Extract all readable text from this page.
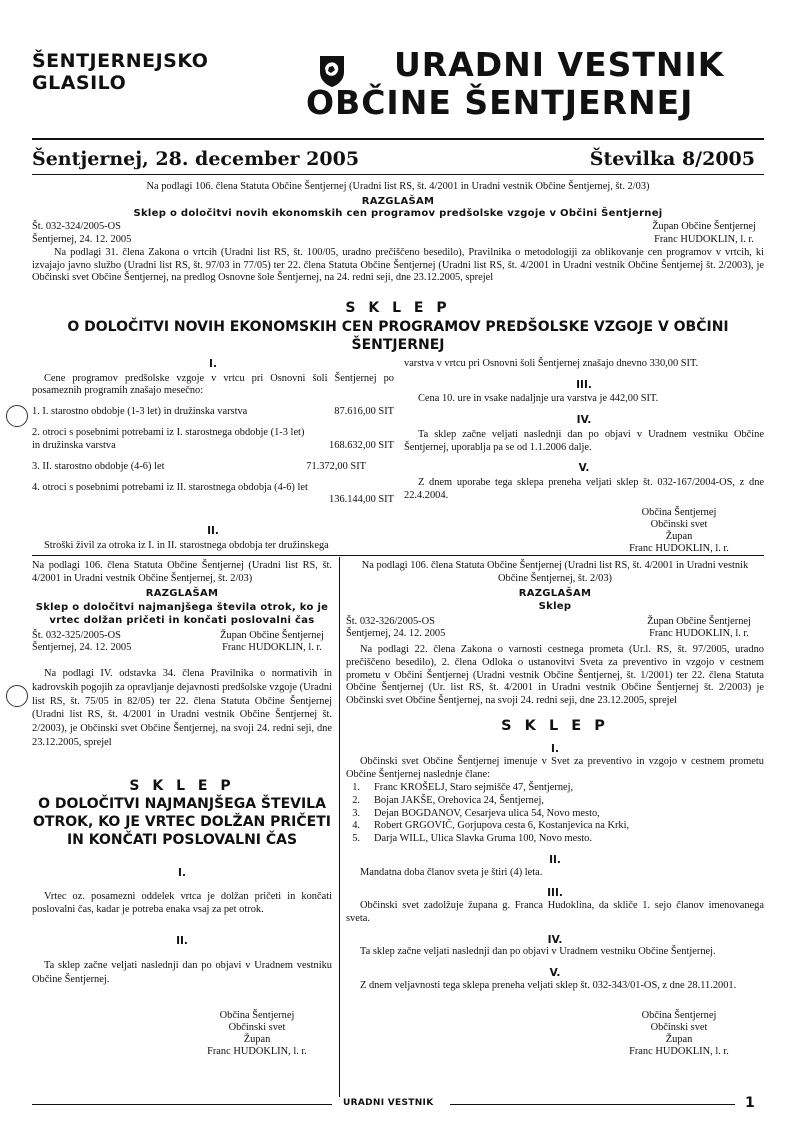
ŠENTJERNEJSKO
GLASILO	URADNI VESTNIK
OBČINE ŠENTJERNEJ
Šentjernej, 28. december 2005	Številka 8/2005
Na podlagi 106. člena Statuta Občine Šentjernej (Uradni list RS, št. 4/2001 in Uradni vestnik Občine Šentjernej, št. 2/03)
RAZGLAŠAM
Sklep o določitvi novih ekonomskih cen programov predšolske vzgoje v Občini Šentjernej
Št. 032-324/2005-OS	Župan Občine Šentjernej
Šentjernej, 24. 12. 2005	Franc HUDOKLIN, l. r.
Na podlagi 31. člena Zakona o vrtcih (Uradni list RS, št. 100/05, uradno prečiščeno besedilo), Pravilnika o metodologiji za oblikovanje cen programov v vrtcih, ki izvajajo javno službo (Uradni list RS, št. 97/03 in 77/05) ter 22. člena Statuta Občine Šentjernej (Uradni list RS, št. 4/2001 in Uradni vestnik Občine Šentjernej št. 2/2003), je Občinski svet Občine Šentjernej, na predlog Osnovne šole Šentjernej, na 24. redni seji, dne 23.12.2005, sprejel
S K L E P
O DOLOČITVI NOVIH EKONOMSKIH CEN PROGRAMOV PREDŠOLSKE VZGOJE V OBČINI
ŠENTJERNEJ
I.
Cene programov predšolske vzgoje v vrtcu pri Osnovni šoli Šentjernej po posameznih programih znašajo mesečno:
1. I. starostno obdobje (1-3 let) in družinska varstva	87.616,00 SIT
2. otroci s posebnimi potrebami iz I. starostnega obdobje (1-3 let) in družinska varstva	168.632,00 SIT
3. II. starostno obdobje (4-6) let	71.372,00 SIT
4. otroci s posebnimi potrebami iz II. starostnega obdobja (4-6) let
136.144,00 SIT
II.
Stroški živil za otroka iz I. in II. starostnega obdobja ter družinskega
varstva v vrtcu pri Osnovni šoli Šentjernej znašajo dnevno 330,00 SIT.
III.
Cena 10. ure in vsake nadaljnje ura varstva je 442,00 SIT.
IV.
Ta sklep začne veljati naslednji dan po objavi v Uradnem vestniku Občine Šentjernej, uporablja pa se od 1.1.2006 dalje.
V.
Z dnem uporabe tega sklepa preneha veljati sklep št. 032-167/2004-OS, z dne 22.4.2004.
Občina Šentjernej
Občinski svet
Župan
Franc HUDOKLIN, l. r.
Na podlagi 106. člena Statuta Občine Šentjernej (Uradni list RS, št. 4/2001 in Uradni vestnik Občine Šentjernej, št. 2/03)
RAZGLAŠAM
Sklep o določitvi najmanjšega števila otrok, ko je vrtec dolžan pričeti in končati poslovalni čas
Št. 032-325/2005-OS	Župan Občine Šentjernej
Šentjernej, 24. 12. 2005	Franc HUDOKLIN, l. r.
Na podlagi IV. odstavka 34. člena Pravilnika o normativih in kadrovskih pogojih za opravljanje dejavnosti predšolske vzgoje (Uradni list RS, št. 75/05 in 82/05) ter 22. člena Statuta Občine Šentjernej (Uradni list RS, št. 4/2001 in Uradni vestnik Občine Šentjernej št. 2/2003), je Občinski svet Občine Šentjernej, na svoji 24. redni seji, dne 23.12.2005, sprejel
S K L E P
O DOLOČITVI NAJMANJŠEGA ŠTEVILA OTROK, KO JE VRTEC DOLŽAN PRIČETI IN KONČATI POSLOVALNI ČAS
I.
Vrtec oz. posamezni oddelek vrtca je dolžan pričeti in končati poslovalni čas, kadar je potreba enaka vsaj za pet otrok.
II.
Ta sklep začne veljati naslednji dan po objavi v Uradnem vestniku Občine Šentjernej.
Občina Šentjernej
Občinski svet
Župan
Franc HUDOKLIN, l. r.
Na podlagi 106. člena Statuta Občine Šentjernej (Uradni list RS, št. 4/2001 in Uradni vestnik Občine Šentjernej, št. 2/03)
RAZGLAŠAM
Sklep
Št. 032-326/2005-OS	Župan Občine Šentjernej
Šentjernej, 24. 12. 2005	Franc HUDOKLIN, l. r.
Na podlagi 22. člena Zakona o varnosti cestnega prometa (Ur.l. RS, št. 97/2005, uradno prečiščeno besedilo), 2. člena Odloka o ustanovitvi Sveta za preventivo in vzgojo v cestnem prometu v Občini Šentjernej (Uradni vestnik Občine Šentjernej, št. 1/2001) ter 22. člena Statuta Občine Šentjernej (Ur. list RS, št. 4/2001 in Uradni vestnik Občine Šentjernej št. 2/2003) je Občinski svet Občine Šentjernej, na svoji 24. redni seji, dne 23.12.2005, sprejel
S K L E P
I.
Občinski svet Občine Šentjernej imenuje v Svet za preventivo in vzgojo v cestnem prometu Občine Šentjernej naslednje člane:
1.	Franc KROŠELJ, Staro sejmišče 47, Šentjernej,
2.	Bojan JAKŠE, Orehovica 24, Šentjernej,
3.	Dejan BOGDANOV, Cesarjeva ulica 54, Novo mesto,
4.	Robert GRGOVIČ, Gorjupova cesta 6, Kostanjevica na Krki,
5.	Darja WILL, Ulica Slavka Gruma 100, Novo mesto.
II.
Mandatna doba članov sveta je štiri (4) leta.
III.
Občinski svet zadolžuje župana g. Franca Hudoklina, da skliče 1. sejo članov imenovanega sveta.
IV.
Ta sklep začne veljati naslednji dan po objavi v Uradnem vestniku Občine Šentjernej.
V.
Z dnem veljavnosti tega sklepa preneha veljati sklep št. 032-343/01-OS, z dne 28.11.2001.
Občina Šentjernej
Občinski svet
Župan
Franc HUDOKLIN, l. r.
URADNI VESTNIK	1
